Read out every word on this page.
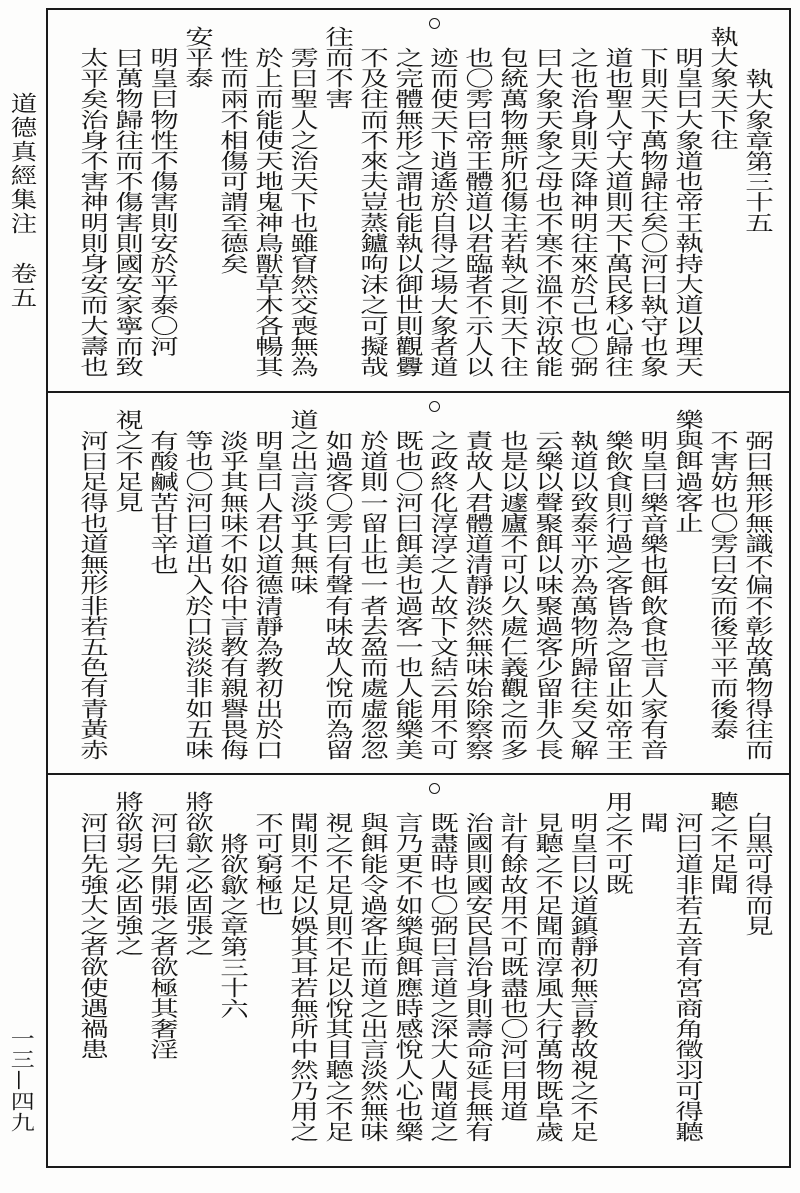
道德真經集注
卷五
一三—四九
執大象章第三十五
執大象天下往
明皇曰大象道也帝王執持大道以理天
下則天下萬物歸往矣〇河曰執守也象
道也聖人守大道則天下萬民移心歸往
之也治身則天降神明往來於己也〇弼
曰大象天象之母也不寒不溫不涼故能
包統萬物無所犯傷主若執之則天下往
也〇雱曰帝王體道以君臨者不示人以
迹而使天下逍遙於自得之場大象者道
之完體無形之謂也能執以御世則觀釁
不及往而不來夫豈蒸鑪呴沫之可擬哉
往而不害
雱曰聖人之治天下也雖窅然交喪無為
於上而能使天地鬼神鳥獸草木各暢其
性而兩不相傷可謂至德矣
安平泰
明皇曰物性不傷害則安於平泰〇河
曰萬物歸往而不傷害則國安家寧而致
太平矣治身不害神明則身安而大壽也
弼曰無形無識不偏不彰故萬物得往而
不害妨也〇雱曰安而後平平而後泰
樂與餌過客止
明皇曰樂音樂也餌飲食也言人家有音
樂飲食則行過之客皆為之留止如帝王
執道以致泰平亦為萬物所歸往矣又解
云樂以聲聚餌以味聚過客少留非久長
也是以遽廬不可以久處仁義觀之而多
責故人君體道清靜淡然無味始除察察
之政終化淳淳之人故下文結云用不可
既也〇河曰餌美也過客一也人能樂美
於道則一留止也一者去盈而處虛忽忽
如過客〇雱曰有聲有味故人悅而為留
道之出言淡乎其無味
明皇曰人君以道德清靜為教初出於口
淡乎其無味不如俗中言教有親譽畏侮
等也〇河曰道出入於口淡淡非如五味
有酸鹹苦甘辛也
視之不足見
河曰足得也道無形非若五色有青黃赤
白黑可得而見
聽之不足聞
河曰道非若五音有宮商角徵羽可得聽
聞
用之不可既
明皇曰以道鎮靜初無言教故視之不足
見聽之不足聞而淳風大行萬物既阜歲
計有餘故用不可既盡也〇河曰用道
治國則國安民昌治身則壽命延長無有
既盡時也〇弼曰言道之深大人聞道之
言乃更不如樂與餌應時感悅人心也樂
與餌能令過客止而道之出言淡然無味
視之不足見則不足以悅其目聽之不足
聞則不足以娛其耳若無所中然乃用之
不可窮極也
將欲歙之章第三十六
將欲歙之必固張之
河曰先開張之者欲極其奢淫
將欲弱之必固強之
河曰先強大之者欲使遇禍患
